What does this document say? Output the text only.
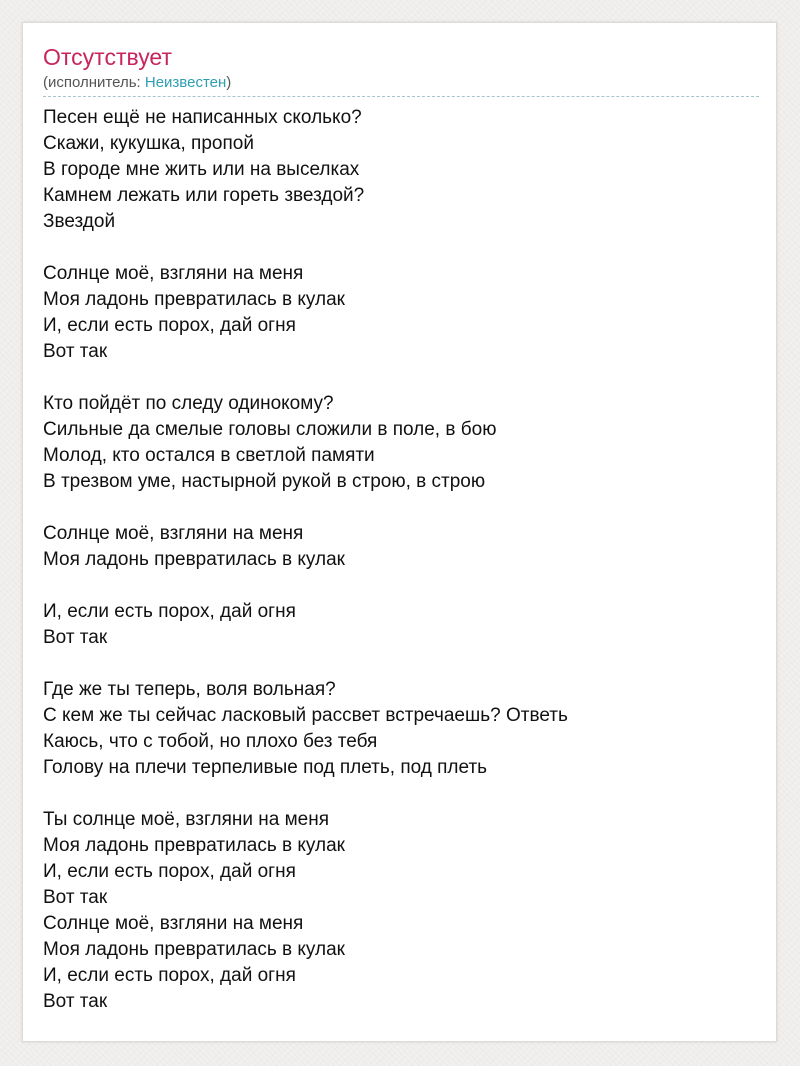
Отсутствует
(исполнитель: Неизвестен)
Песен ещё не написанных сколько?
Скажи, кукушка, пропой
В городе мне жить или на выселках
Камнем лежать или гореть звездой?
Звездой
Солнце моё, взгляни на меня
Моя ладонь превратилась в кулак
И, если есть порох, дай огня
Вот так
Кто пойдёт по следу одинокому?
Сильные да смелые головы сложили в поле, в бою
Молод, кто остался в светлой памяти
В трезвом уме, настырной рукой в строю, в строю
Солнце моё, взгляни на меня
Моя ладонь превратилась в кулак
И, если есть порох, дай огня
Вот так
Где же ты теперь, воля вольная?
С кем же ты сейчас ласковый рассвет встречаешь? Ответь
Каюсь, что с тобой, но плохо без тебя
Голову на плечи терпеливые под плеть, под плеть
Ты солнце моё, взгляни на меня
Моя ладонь превратилась в кулак
И, если есть порох, дай огня
Вот так
Солнце моё, взгляни на меня
Моя ладонь превратилась в кулак
И, если есть порох, дай огня
Вот так
